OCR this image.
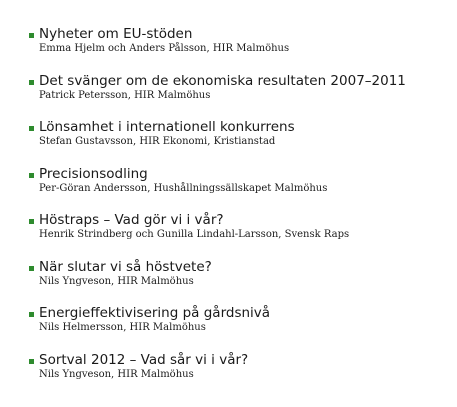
Nyheter om EU-stöden
Emma Hjelm och Anders Pålsson, HIR Malmöhus
Det svänger om de ekonomiska resultaten 2007–2011
Patrick Petersson, HIR Malmöhus
Lönsamhet i internationell konkurrens
Stefan Gustavsson, HIR Ekonomi, Kristianstad
Precisionsodling
Per-Göran Andersson, Hushållningssällskapet Malmöhus
Höstraps – Vad gör vi i vår?
Henrik Strindberg och Gunilla Lindahl-Larsson, Svensk Raps
När slutar vi så höstvete?
Nils Yngveson, HIR Malmöhus
Energieffektivisering på gårdsnivå
Nils Helmersson, HIR Malmöhus
Sortval 2012 – Vad sår vi i vår?
Nils Yngveson, HIR Malmöhus
